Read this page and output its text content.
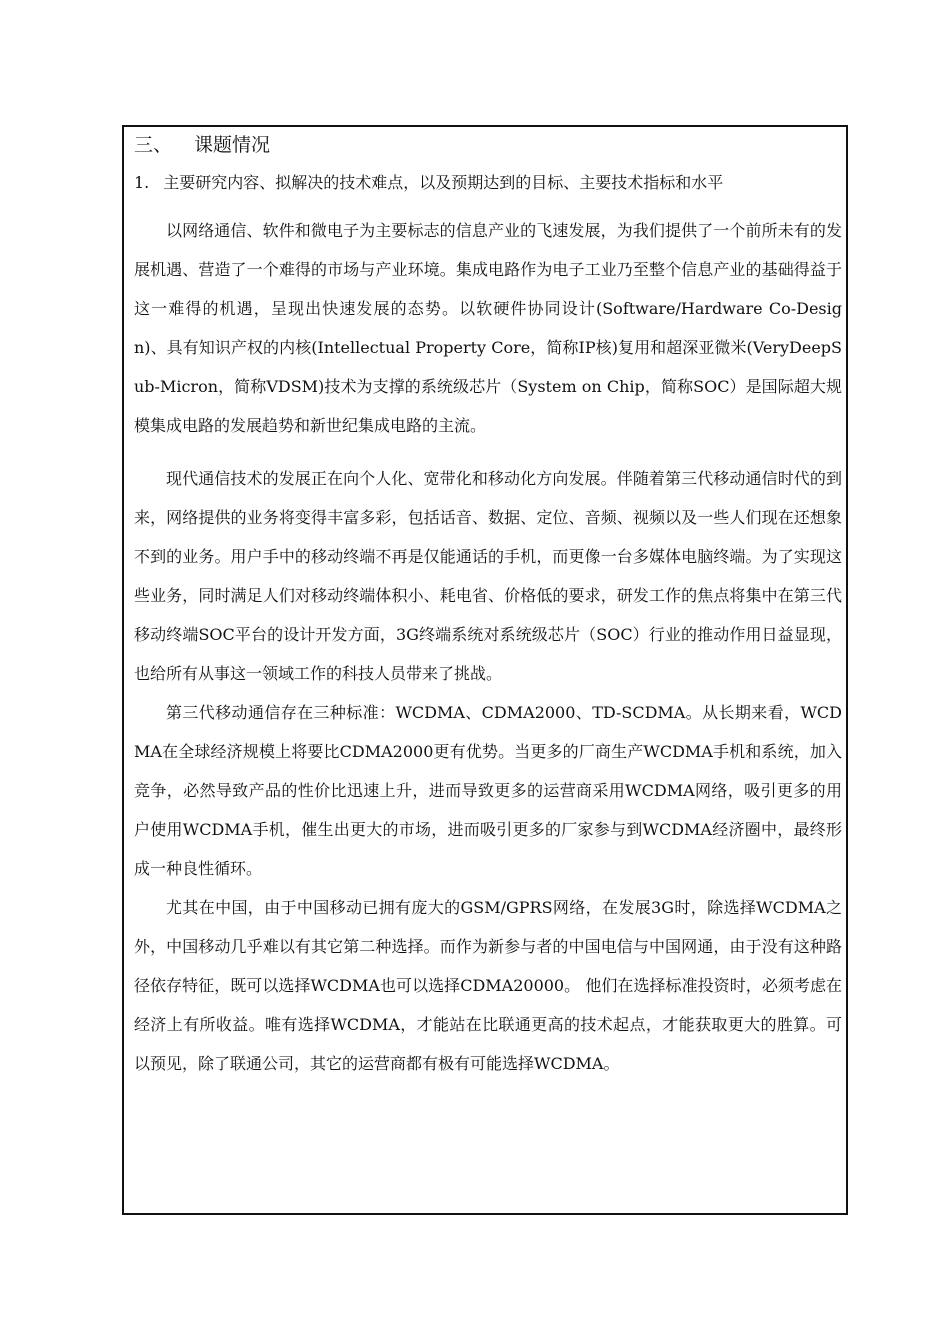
三、 课题情况
1. 主要研究内容、拟解决的技术难点，以及预期达到的目标、主要技术指标和水平

以网络通信、软件和微电子为主要标志的信息产业的飞速发展，为我们提供了一个前所未有的发展机遇、营造了一个难得的市场与产业环境。集成电路作为电子工业乃至整个信息产业的基础得益于这一难得的机遇，呈现出快速发展的态势。以软硬件协同设计(Software/Hardware Co-Design)、具有知识产权的内核(Intellectual Property Core，简称IP核)复用和超深亚微米(VeryDeepSub-Micron，简称VDSM)技术为支撑的系统级芯片（System on Chip，简称SOC）是国际超大规模集成电路的发展趋势和新世纪集成电路的主流。

现代通信技术的发展正在向个人化、宽带化和移动化方向发展。伴随着第三代移动通信时代的到来，网络提供的业务将变得丰富多彩，包括话音、数据、定位、音频、视频以及一些人们现在还想象不到的业务。用户手中的移动终端不再是仅能通话的手机，而更像一台多媒体电脑终端。为了实现这些业务，同时满足人们对移动终端体积小、耗电省、价格低的要求，研发工作的焦点将集中在第三代移动终端SOC平台的设计开发方面，3G终端系统对系统级芯片（SOC）行业的推动作用日益显现，也给所有从事这一领域工作的科技人员带来了挑战。

第三代移动通信存在三种标准：WCDMA、CDMA2000、TD-SCDMA。从长期来看，WCDMA在全球经济规模上将要比CDMA2000更有优势。当更多的厂商生产WCDMA手机和系统，加入竞争，必然导致产品的性价比迅速上升，进而导致更多的运营商采用WCDMA网络，吸引更多的用户使用WCDMA手机，催生出更大的市场，进而吸引更多的厂家参与到WCDMA经济圈中，最终形成一种良性循环。

尤其在中国，由于中国移动已拥有庞大的GSM/GPRS网络，在发展3G时，除选择WCDMA之外，中国移动几乎难以有其它第二种选择。而作为新参与者的中国电信与中国网通，由于没有这种路径依存特征，既可以选择WCDMA也可以选择CDMA20000。 他们在选择标准投资时，必须考虑在经济上有所收益。唯有选择WCDMA，才能站在比联通更高的技术起点，才能获取更大的胜算。可以预见，除了联通公司，其它的运营商都有极有可能选择WCDMA。
